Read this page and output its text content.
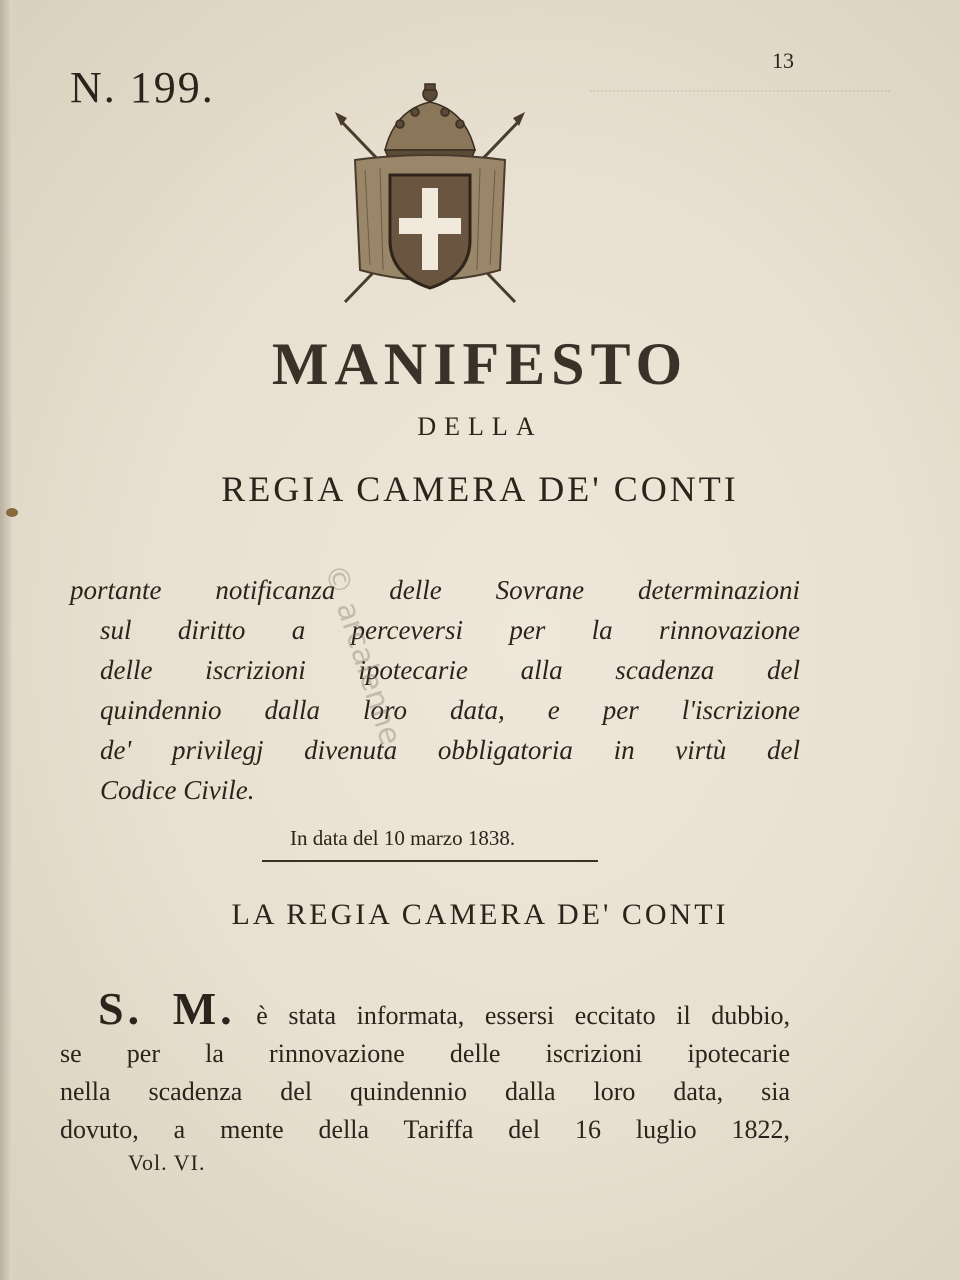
N. 199.
13
MANIFESTO
DELLA
REGIA CAMERA DE' CONTI
portante notificanza delle Sovrane determinazioni
sul diritto a perceversi per la rinnovazione
delle iscrizioni ipotecarie alla scadenza del
quindennio dalla loro data, e per l'iscrizione
de' privilegj divenuta obbligatoria in virtù del
Codice Civile.
In data del 10 marzo 1838.
LA REGIA CAMERA DE' CONTI
S. M. è stata informata, essersi eccitato il dubbio,
se per la rinnovazione delle iscrizioni ipotecarie
nella scadenza del quindennio dalla loro data, sia
dovuto, a mente della Tariffa del 16 luglio 1822,
Vol. VI.
© arcalenne
